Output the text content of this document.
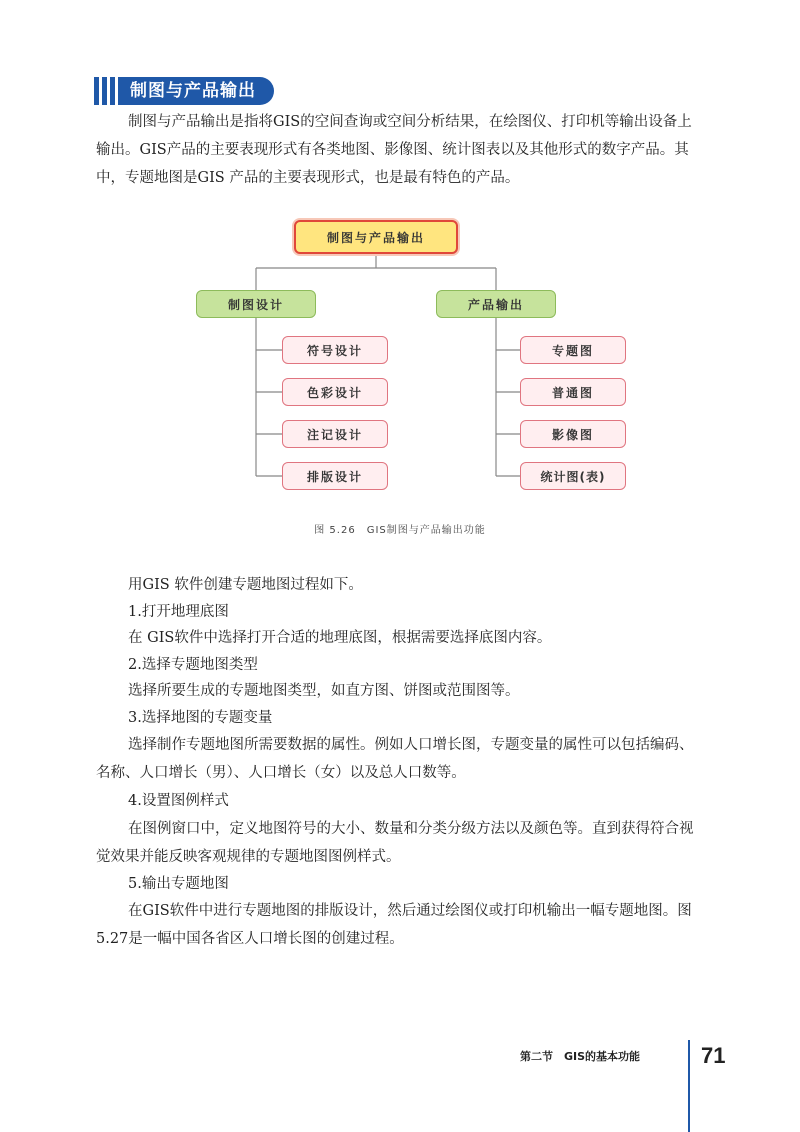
制图与产品输出

制图与产品输出是指将GIS的空间查询或空间分析结果，在绘图仪、打印机等输出设备上

输出。GIS产品的主要表现形式有各类地图、影像图、统计图表以及其他形式的数字产品。其

中，专题地图是GIS 产品的主要表现形式，也是最有特色的产品。

制图与产品输出
制图设计	产品输出
符号设计
色彩设计
注记设计
排版设计
专题图
普通图
影像图
统计图(表)
图 5.26　GIS制图与产品输出功能

用GIS 软件创建专题地图过程如下。

1.打开地理底图

在 GIS软件中选择打开合适的地理底图，根据需要选择底图内容。

2.选择专题地图类型

选择所要生成的专题地图类型，如直方图、饼图或范围图等。

3.选择地图的专题变量

选择制作专题地图所需要数据的属性。例如人口增长图，专题变量的属性可以包括编码、

名称、人口增长（男）、人口增长（女）以及总人口数等。

4.设置图例样式

在图例窗口中，定义地图符号的大小、数量和分类分级方法以及颜色等。直到获得符合视

觉效果并能反映客观规律的专题地图图例样式。

5.输出专题地图

在GIS软件中进行专题地图的排版设计，然后通过绘图仪或打印机输出一幅专题地图。图

5.27是一幅中国各省区人口增长图的创建过程。

第二节　GIS的基本功能	71
